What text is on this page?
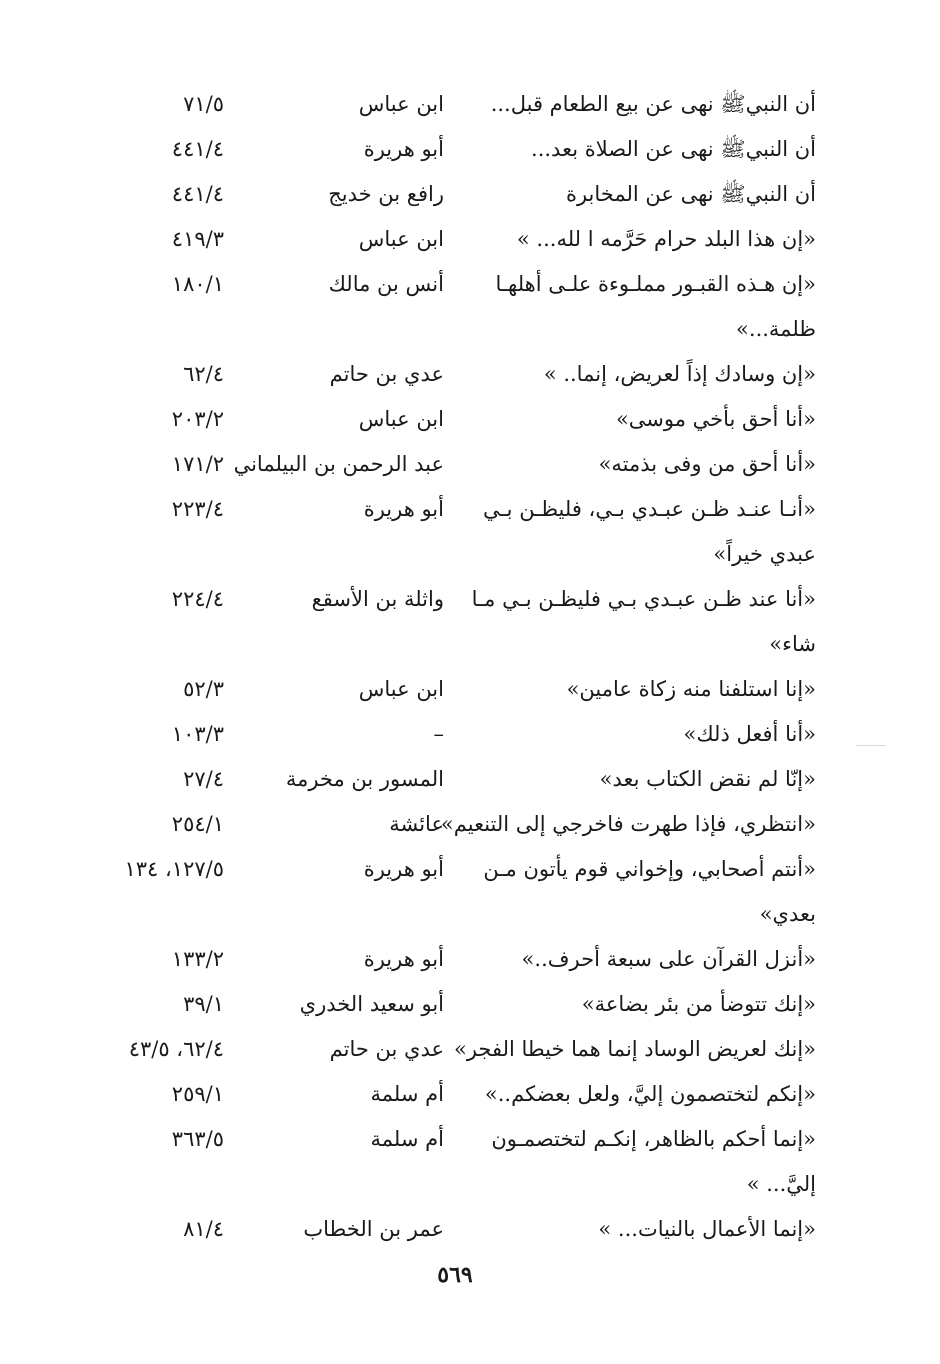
أن النبيﷺ نهى عن بيع الطعام قبل...
ابن عباس
٧١/٥
أن النبيﷺ نهى عن الصلاة بعد...
أبو هريرة
٤٤١/٤
أن النبيﷺ نهى عن المخابرة
رافع بن خديج
٤٤١/٤
«إن هذا البلد حرام حَرَّمه ا لله... »
ابن عباس
٤١٩/٣
«إن هـذه القبـور مملـوءة علـى أهلهـا
ظلمة...»
أنس بن مالك
١٨٠/١
«إن وسادك إذاً لعريض، إنما.. »
عدي بن حاتم
٦٢/٤
«أنا أحق بأخي موسى»
ابن عباس
٢٠٣/٢
«أنا أحق من وفى بذمته»
عبد الرحمن بن البيلماني
١٧١/٢
«أنـا عنـد ظـن عبـدي بـي، فليظـن بـي
عبدي خيراً»
أبو هريرة
٢٢٣/٤
«أنا عند ظـن عبـدي بـي فليظـن بـي مـا
شاء»
واثلة بن الأسقع
٢٢٤/٤
«إنا استلفنا منه زكاة عامين»
ابن عباس
٥٢/٣
«أنا أفعل ذلك»
–
١٠٣/٣
«إنّا لم نقض الكتاب بعد»
المسور بن مخرمة
٢٧/٤
«انتظري، فإذا طهرت فاخرجي إلى التنعيم»
عائشة
٢٥٤/١
«أنتم أصحابي، وإخواني قوم يأتون مـن
بعدي»
أبو هريرة
١٢٧/٥، ١٣٤
«أنزل القرآن على سبعة أحرف..»
أبو هريرة
١٣٣/٢
«إنك تتوضأ من بئر بضاعة»
أبو سعيد الخدري
٣٩/١
«إنك لعريض الوساد إنما هما خيطا الفجر»
عدي بن حاتم
٦٢/٤، ٤٣/٥
«إنكم لتختصمون إليَّ، ولعل بعضكم..»
أم سلمة
٢٥٩/١
«إنما أحكم بالظاهر، إنكـم لتختصمـون
إليَّ... »
أم سلمة
٣٦٣/٥
«إنما الأعمال بالنيات... »
عمر بن الخطاب
٨١/٤
٥٦٩
